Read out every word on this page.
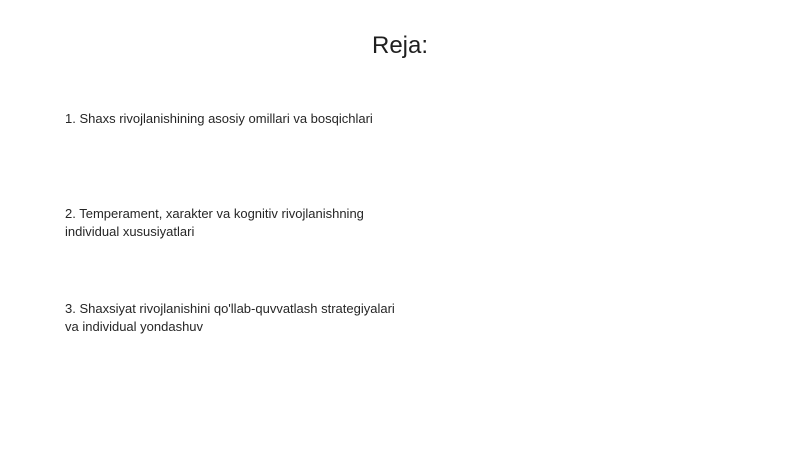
Reja:
1. Shaxs rivojlanishining asosiy omillari va bosqichlari
2. Temperament, xarakter va kognitiv rivojlanishning individual xususiyatlari
3. Shaxsiyat rivojlanishini qo'llab-quvvatlash strategiyalari va individual yondashuv
